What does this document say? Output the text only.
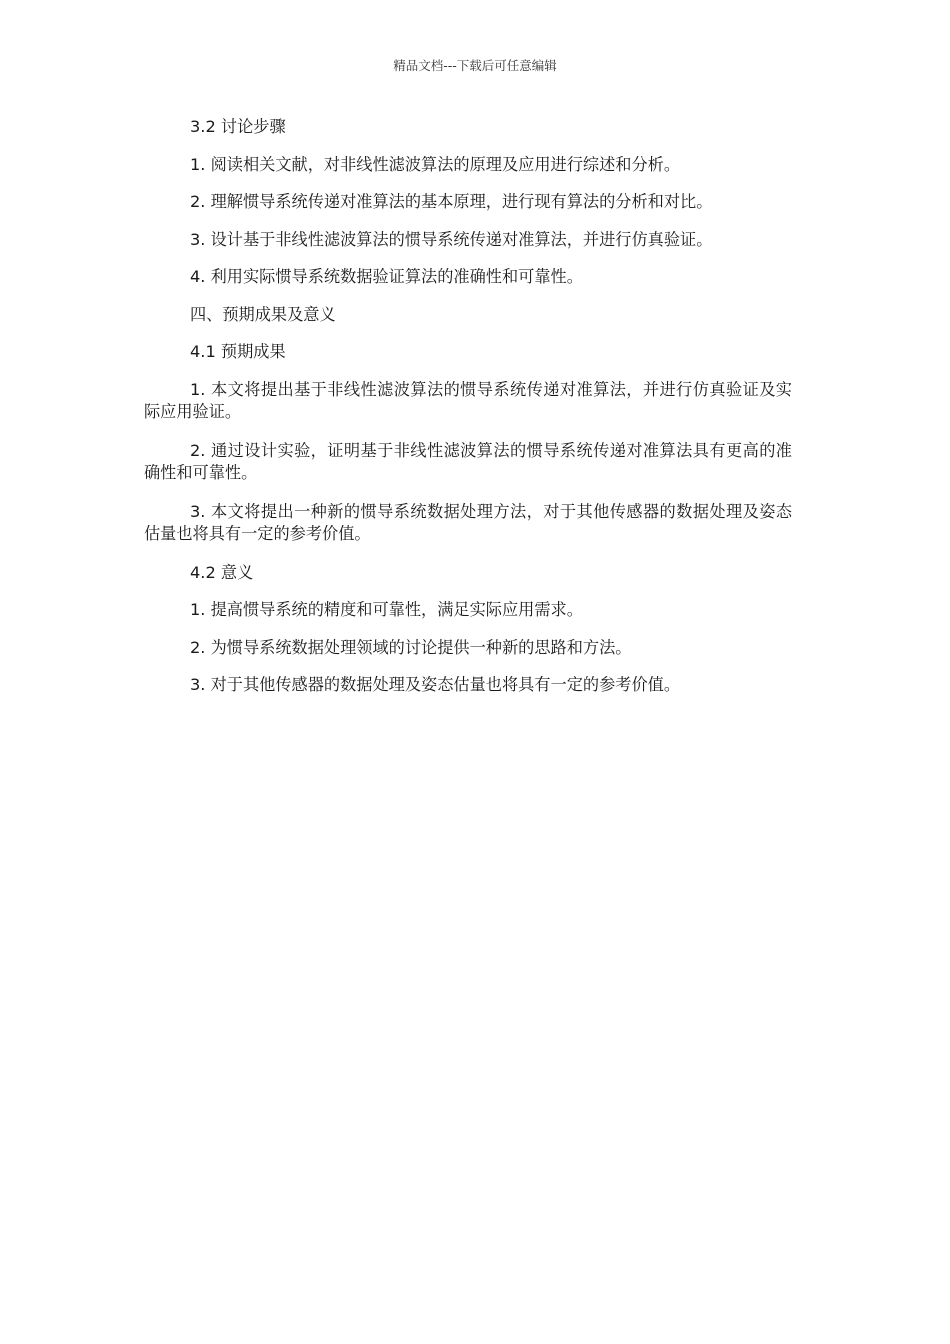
精品文档---下载后可任意编辑

3.2 讨论步骤

1. 阅读相关文献，对非线性滤波算法的原理及应用进行综述和分析。

2. 理解惯导系统传递对准算法的基本原理，进行现有算法的分析和对比。

3. 设计基于非线性滤波算法的惯导系统传递对准算法，并进行仿真验证。

4. 利用实际惯导系统数据验证算法的准确性和可靠性。

四、预期成果及意义

4.1 预期成果

1. 本文将提出基于非线性滤波算法的惯导系统传递对准算法，并进行仿真验证及实际应用验证。

2. 通过设计实验，证明基于非线性滤波算法的惯导系统传递对准算法具有更高的准确性和可靠性。

3. 本文将提出一种新的惯导系统数据处理方法，对于其他传感器的数据处理及姿态估量也将具有一定的参考价值。

4.2 意义

1. 提高惯导系统的精度和可靠性，满足实际应用需求。

2. 为惯导系统数据处理领域的讨论提供一种新的思路和方法。

3. 对于其他传感器的数据处理及姿态估量也将具有一定的参考价值。
